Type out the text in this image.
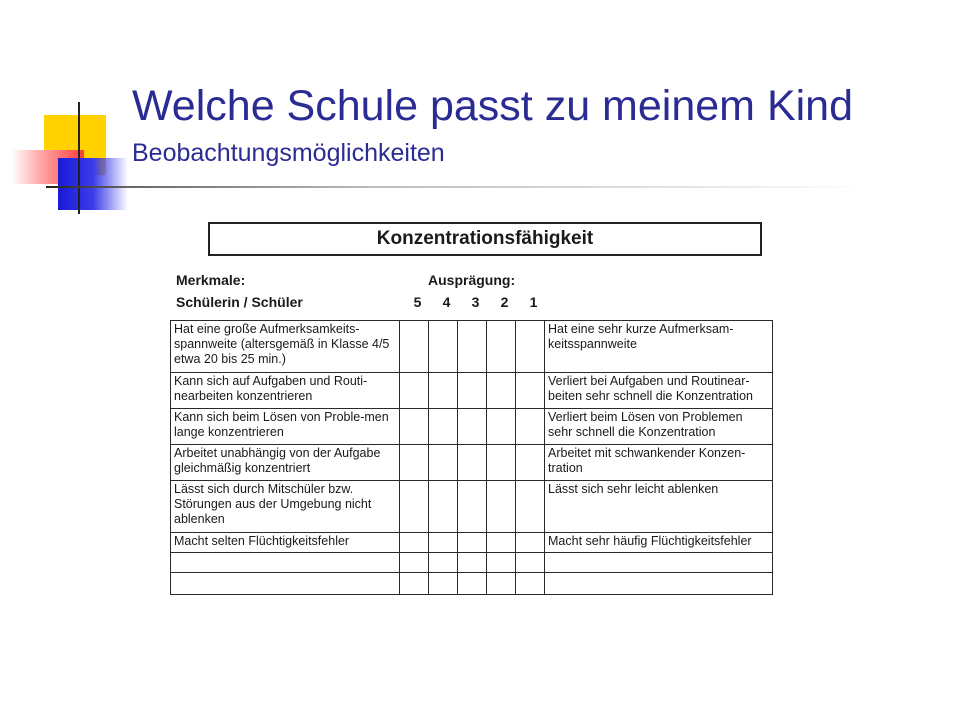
Welche Schule passt zu meinem Kind
Beobachtungsmöglichkeiten
Konzentrationsfähigkeit
Merkmale:	Ausprägung:
Schülerin / Schüler	5	4	3	2	1
Hat eine große Aufmerksamkeits-spannweite (altersgemäß in Klasse 4/5 etwa 20 bis 25 min.)						Hat eine sehr kurze Aufmerksam-keitsspannweite
Kann sich auf Aufgaben und Routi-nearbeiten konzentrieren						Verliert bei Aufgaben und Routinear-beiten sehr schnell die Konzentration
Kann sich beim Lösen von Proble-men lange konzentrieren						Verliert beim Lösen von Problemen sehr schnell die Konzentration
Arbeitet unabhängig von der Aufgabe gleichmäßig konzentriert						Arbeitet mit schwankender Konzen-tration
Lässt sich durch Mitschüler bzw. Störungen aus der Umgebung nicht ablenken						Lässt sich sehr leicht ablenken
Macht selten Flüchtigkeitsfehler						Macht sehr häufig Flüchtigkeitsfehler
